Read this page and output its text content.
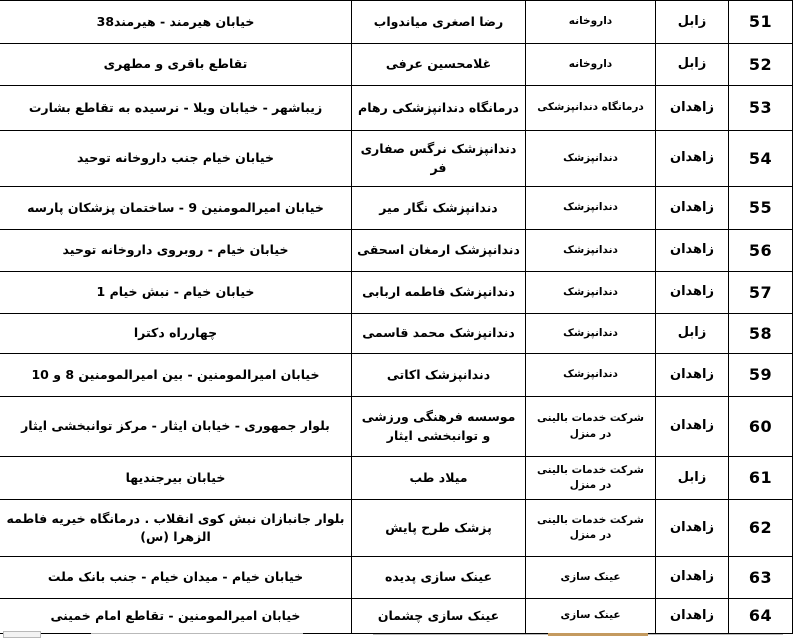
51	زابل	داروخانه	رضا اصغری میاندواب	خیابان هیرمند - هیرمند38
52	زابل	داروخانه	غلامحسین عرفی	تقاطع باقری و مطهری
53	زاهدان	درمانگاه دندانپزشکی	درمانگاه دندانپزشکی رهام	زیباشهر - خیابان ویلا - نرسیده به تقاطع بشارت
54	زاهدان	دندانپزشک	دندانپزشک نرگس صفاری فر	خیابان خیام جنب داروخانه توحید
55	زاهدان	دندانپزشک	دندانپزشک نگار میر	خیابان امیرالمومنین 9 - ساختمان پزشکان پارسه
56	زاهدان	دندانپزشک	دندانپزشک ارمغان اسحقی	خیابان خیام - روبروی داروخانه توحید
57	زاهدان	دندانپزشک	دندانپزشک فاطمه اربابی	خیابان خیام - نبش خیام 1
58	زابل	دندانپزشک	دندانپزشک محمد قاسمی	چهارراه دکترا
59	زاهدان	دندانپزشک	دندانپزشک اکاتی	خیابان امیرالمومنین - بین امیرالمومنین 8 و 10
60	زاهدان	شرکت خدمات بالینی در منزل	موسسه فرهنگی ورزشی و توانبخشی ایثار	بلوار جمهوری - خیابان ایثار - مرکز توانبخشی ایثار
61	زابل	شرکت خدمات بالینی در منزل	میلاد طب	خیابان بیرجندیها
62	زاهدان	شرکت خدمات بالینی در منزل	پزشک طرح پایش	بلوار جانبازان نبش کوی انقلاب . درمانگاه خیریه فاطمه الزهرا (س)
63	زاهدان	عینک سازی	عینک سازی پدیده	خیابان خیام - میدان خیام - جنب بانک ملت
64	زاهدان	عینک سازی	عینک سازی چشمان	خیابان امیرالمومنین - تقاطع امام خمینی
